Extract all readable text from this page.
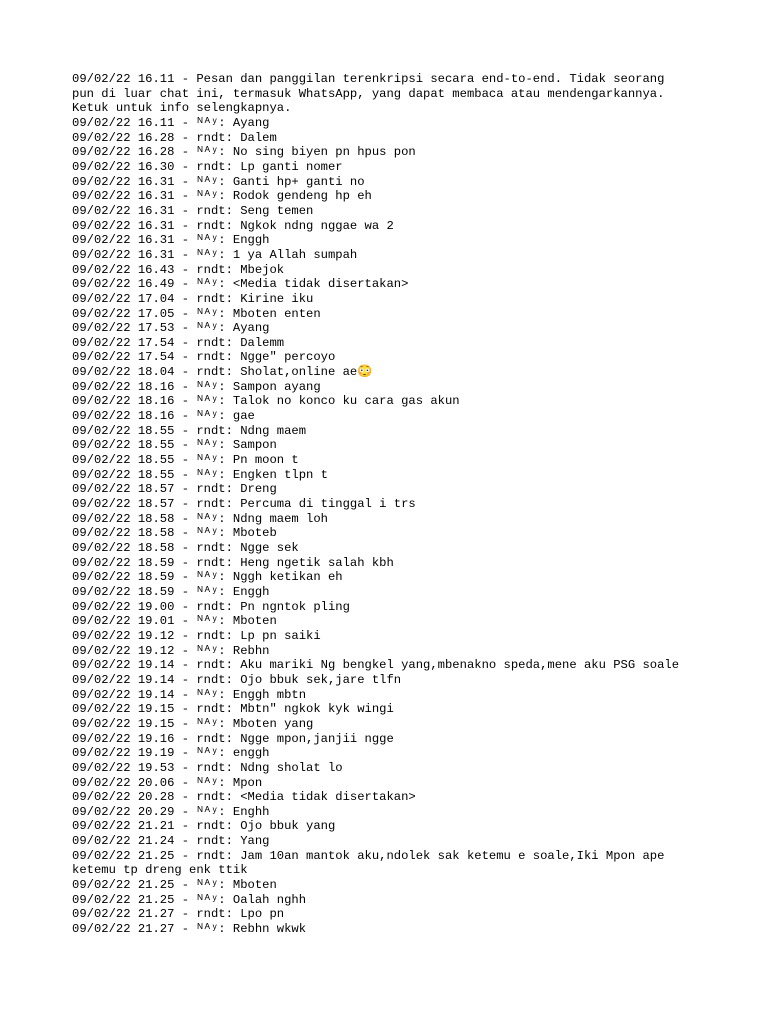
09/02/22 16.11 - Pesan dan panggilan terenkripsi secara end-to-end. Tidak seorang
pun di luar chat ini, termasuk WhatsApp, yang dapat membaca atau mendengarkannya.
Ketuk untuk info selengkapnya.
09/02/22 16.11 - ᴺᴬʸ: Ayang
09/02/22 16.28 - rndt: Dalem
09/02/22 16.28 - ᴺᴬʸ: No sing biyen pn hpus pon
09/02/22 16.30 - rndt: Lp ganti nomer
09/02/22 16.31 - ᴺᴬʸ: Ganti hp+ ganti no
09/02/22 16.31 - ᴺᴬʸ: Rodok gendeng hp eh
09/02/22 16.31 - rndt: Seng temen
09/02/22 16.31 - rndt: Ngkok ndng nggae wa 2
09/02/22 16.31 - ᴺᴬʸ: Enggh
09/02/22 16.31 - ᴺᴬʸ: 1 ya Allah sumpah
09/02/22 16.43 - rndt: Mbejok
09/02/22 16.49 - ᴺᴬʸ: <Media tidak disertakan>
09/02/22 17.04 - rndt: Kirine iku
09/02/22 17.05 - ᴺᴬʸ: Mboten enten
09/02/22 17.53 - ᴺᴬʸ: Ayang
09/02/22 17.54 - rndt: Dalemm
09/02/22 17.54 - rndt: Ngge" percoyo
09/02/22 18.04 - rndt: Sholat,online ae😳
09/02/22 18.16 - ᴺᴬʸ: Sampon ayang
09/02/22 18.16 - ᴺᴬʸ: Talok no konco ku cara gas akun
09/02/22 18.16 - ᴺᴬʸ: gae
09/02/22 18.55 - rndt: Ndng maem
09/02/22 18.55 - ᴺᴬʸ: Sampon
09/02/22 18.55 - ᴺᴬʸ: Pn moon t
09/02/22 18.55 - ᴺᴬʸ: Engken tlpn t
09/02/22 18.57 - rndt: Dreng
09/02/22 18.57 - rndt: Percuma di tinggal i trs
09/02/22 18.58 - ᴺᴬʸ: Ndng maem loh
09/02/22 18.58 - ᴺᴬʸ: Mboteb
09/02/22 18.58 - rndt: Ngge sek
09/02/22 18.59 - rndt: Heng ngetik salah kbh
09/02/22 18.59 - ᴺᴬʸ: Nggh ketikan eh
09/02/22 18.59 - ᴺᴬʸ: Enggh
09/02/22 19.00 - rndt: Pn ngntok pling
09/02/22 19.01 - ᴺᴬʸ: Mboten
09/02/22 19.12 - rndt: Lp pn saiki
09/02/22 19.12 - ᴺᴬʸ: Rebhn
09/02/22 19.14 - rndt: Aku mariki Ng bengkel yang,mbenakno speda,mene aku PSG soale
09/02/22 19.14 - rndt: Ojo bbuk sek,jare tlfn
09/02/22 19.14 - ᴺᴬʸ: Enggh mbtn
09/02/22 19.15 - rndt: Mbtn" ngkok kyk wingi
09/02/22 19.15 - ᴺᴬʸ: Mboten yang
09/02/22 19.16 - rndt: Ngge mpon,janjii ngge
09/02/22 19.19 - ᴺᴬʸ: enggh
09/02/22 19.53 - rndt: Ndng sholat lo
09/02/22 20.06 - ᴺᴬʸ: Mpon
09/02/22 20.28 - rndt: <Media tidak disertakan>
09/02/22 20.29 - ᴺᴬʸ: Enghh
09/02/22 21.21 - rndt: Ojo bbuk yang
09/02/22 21.24 - rndt: Yang
09/02/22 21.25 - rndt: Jam 10an mantok aku,ndolek sak ketemu e soale,Iki Mpon ape
ketemu tp dreng enk ttik
09/02/22 21.25 - ᴺᴬʸ: Mboten
09/02/22 21.25 - ᴺᴬʸ: Oalah nghh
09/02/22 21.27 - rndt: Lpo pn
09/02/22 21.27 - ᴺᴬʸ: Rebhn wkwk
